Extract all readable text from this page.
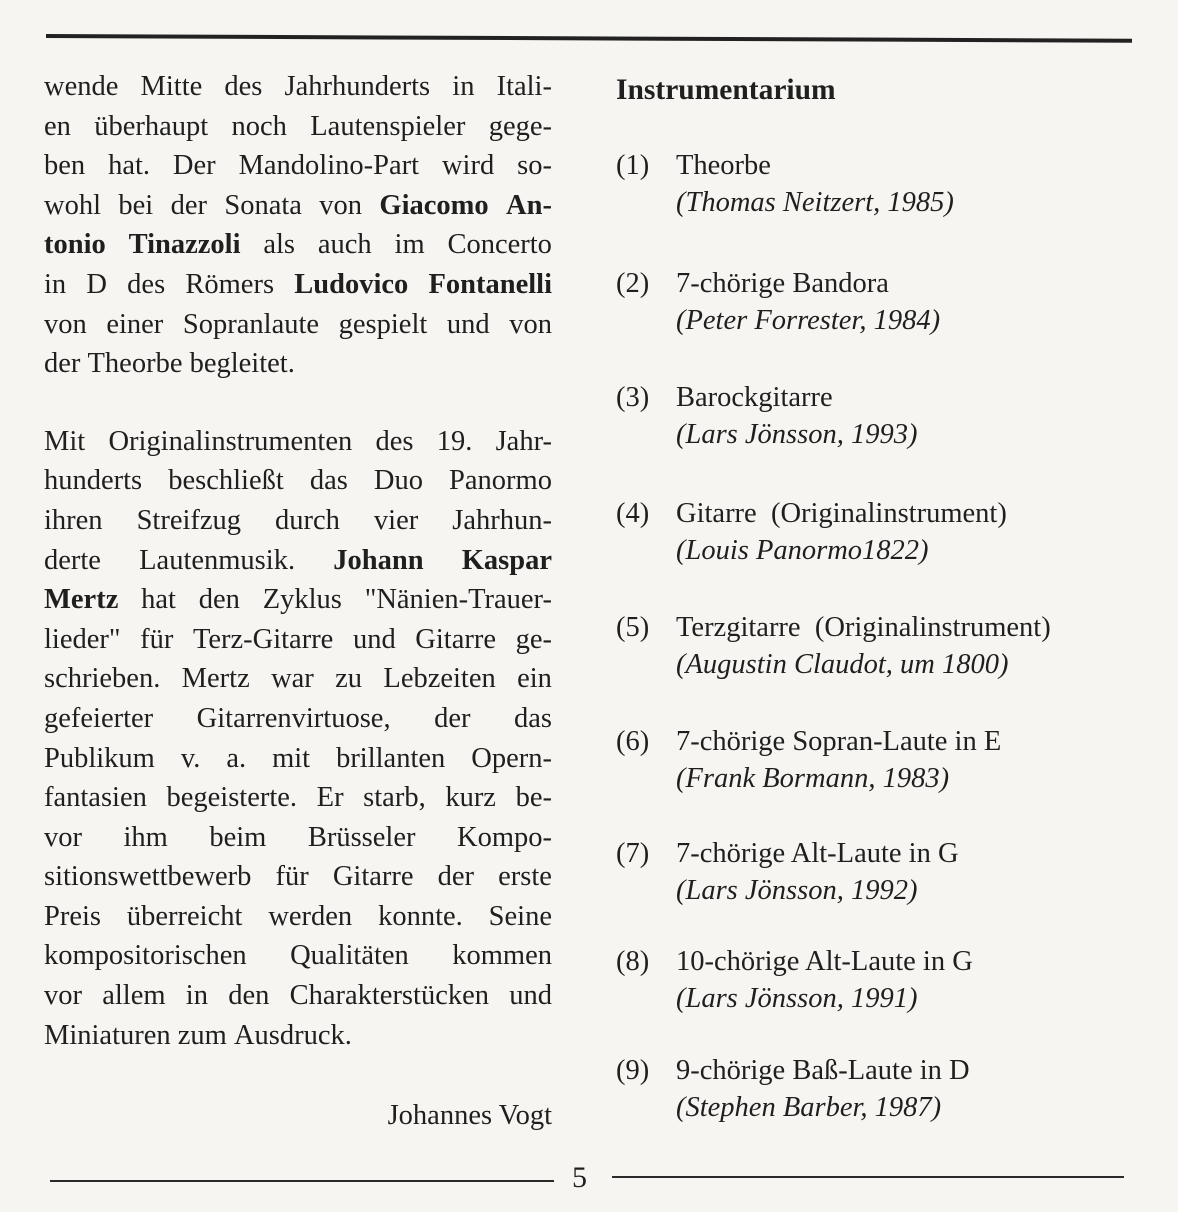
wende Mitte des Jahrhunderts in Itali-
en überhaupt noch Lautenspieler gege-
ben hat. Der Mandolino-Part wird so-
wohl bei der Sonata von Giacomo An-
tonio Tinazzoli als auch im Concerto
in D des Römers Ludovico Fontanelli
von einer Sopranlaute gespielt und von
der Theorbe begleitet.
Mit Originalinstrumenten des 19. Jahr-
hunderts beschließt das Duo Panormo
ihren Streifzug durch vier Jahrhun-
derte Lautenmusik. Johann Kaspar
Mertz hat den Zyklus "Nänien-Trauer-
lieder" für Terz-Gitarre und Gitarre ge-
schrieben. Mertz war zu Lebzeiten ein
gefeierter Gitarrenvirtuose, der das
Publikum v. a. mit brillanten Opern-
fantasien begeisterte. Er starb, kurz be-
vor ihm beim Brüsseler Kompo-
sitionswettbewerb für Gitarre der erste
Preis überreicht werden konnte. Seine
kompositorischen Qualitäten kommen
vor allem in den Charakterstücken und
Miniaturen zum Ausdruck.
Johannes Vogt
Instrumentarium
(1) Theorbe
(Thomas Neitzert, 1985)
(2) 7-chörige Bandora
(Peter Forrester, 1984)
(3) Barockgitarre
(Lars Jönsson, 1993)
(4) Gitarre  (Originalinstrument)
(Louis Panormo1822)
(5) Terzgitarre  (Originalinstrument)
(Augustin Claudot, um 1800)
(6) 7-chörige Sopran-Laute in E
(Frank Bormann, 1983)
(7) 7-chörige Alt-Laute in G
(Lars Jönsson, 1992)
(8) 10-chörige Alt-Laute in G
(Lars Jönsson, 1991)
(9) 9-chörige Baß-Laute in D
(Stephen Barber, 1987)
5
